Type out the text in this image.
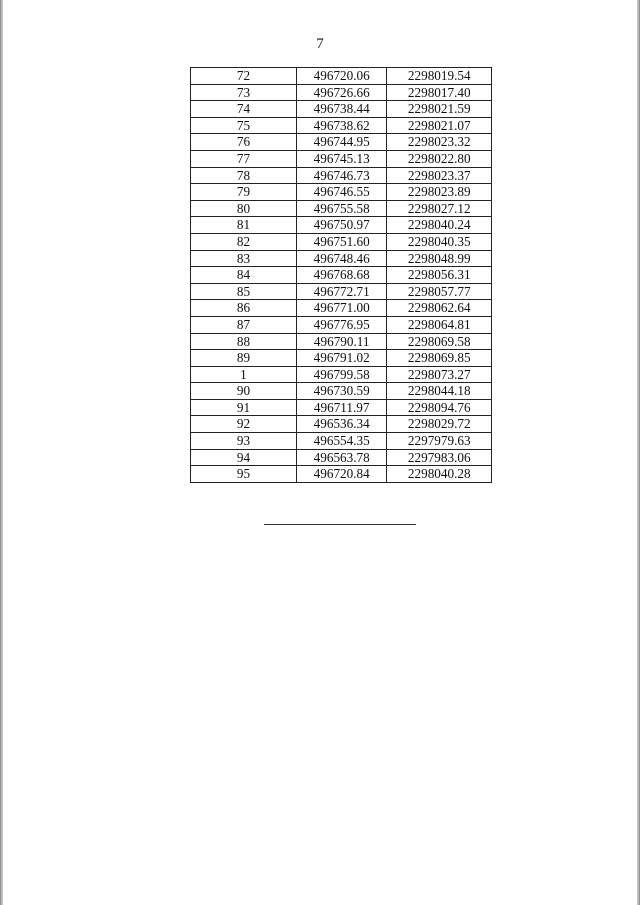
7
72	496720.06	2298019.54
73	496726.66	2298017.40
74	496738.44	2298021.59
75	496738.62	2298021.07
76	496744.95	2298023.32
77	496745.13	2298022.80
78	496746.73	2298023.37
79	496746.55	2298023.89
80	496755.58	2298027.12
81	496750.97	2298040.24
82	496751.60	2298040.35
83	496748.46	2298048.99
84	496768.68	2298056.31
85	496772.71	2298057.77
86	496771.00	2298062.64
87	496776.95	2298064.81
88	496790.11	2298069.58
89	496791.02	2298069.85
1	496799.58	2298073.27
90	496730.59	2298044.18
91	496711.97	2298094.76
92	496536.34	2298029.72
93	496554.35	2297979.63
94	496563.78	2297983.06
95	496720.84	2298040.28
